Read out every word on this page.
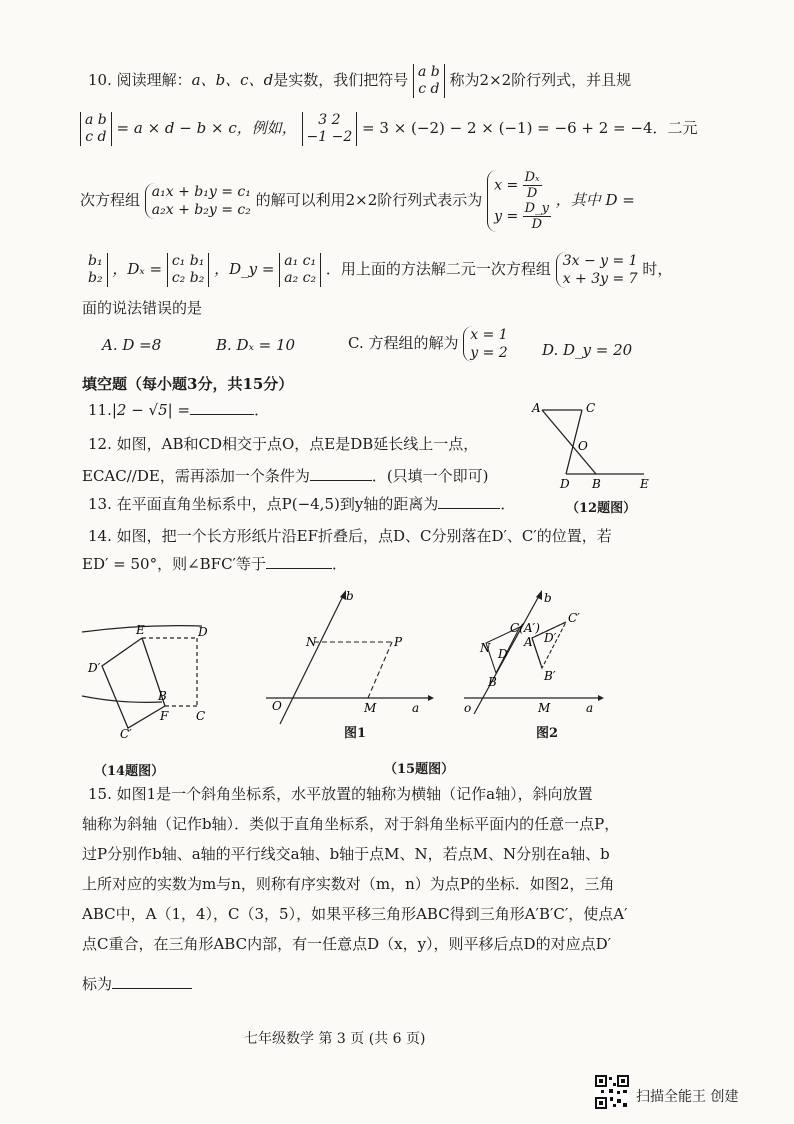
10. 阅读理解：a、b、c、d是实数，我们把符号 a b
c d 称为2×2阶行列式，并且规
a b
c d = a × d − b × c，例如， 3 2
−1 −2 = 3 × (−2) − 2 × (−1) = −6 + 2 = −4．二元
次方程组 a₁x + b₁y = c₁
a₂x + b₂y = c₂ 的解可以利用2×2阶行列式表示为 $x = \frac{\text{Dₓ}}{D}$

$y = \frac{D\_y}{D}$
，其中 D =
b₁
b₂ ，Dₓ = c₁ b₁
c₂ b₂ ，D_y = a₁ c₁
a₂ c₂ ．用上面的方法解二元一次方程组 3x − y = 1
x + 3y = 7 时，
面的说法错误的是
A. D =8	B. Dₓ = 10	C. 方程组的解为 x = 1
y = 2 D. D_y = 20
填空题（每小题3分，共15分）
11.|2 − √5| =	．
12. 如图，AB和CD相交于点O，点E是DB延长线上一点，
ECAC//DE，需再添加一个条件为	．(只填一个即可)
13. 在平面直角坐标系中，点P(−4,5)到y轴的距离为	．	（12题图）
A	C
O
D B	E
14. 如图，把一个长方形纸片沿EF折叠后，点D、C分别落在D′、C′的位置，若
ED′ = 50°，则∠BFC′等于	．
E	D
D′
B
F C
C′
（14题图）
b
N	P
O	M	a
图1
C(A′)
C′
A D′
D
B′
B
b
N
o	M	a
图2
（15题图）
15. 如图1是一个斜角坐标系，水平放置的轴称为横轴（记作a轴），斜向放置
轴称为斜轴（记作b轴）．类似于直角坐标系，对于斜角坐标平面内的任意一点P，
过P分别作b轴、a轴的平行线交a轴、b轴于点M、N，若点M、N分别在a轴、b
上所对应的实数为m与n，则称有序实数对（m，n）为点P的坐标．如图2，三角
ABC中，A（1，4），C（3，5），如果平移三角形ABC得到三角形A′B′C′，使点A′
点C重合，在三角形ABC内部，有一任意点D（x，y），则平移后点D的对应点D′
标为
七年级数学 第 3 页 (共 6 页)
扫描全能王 创建
